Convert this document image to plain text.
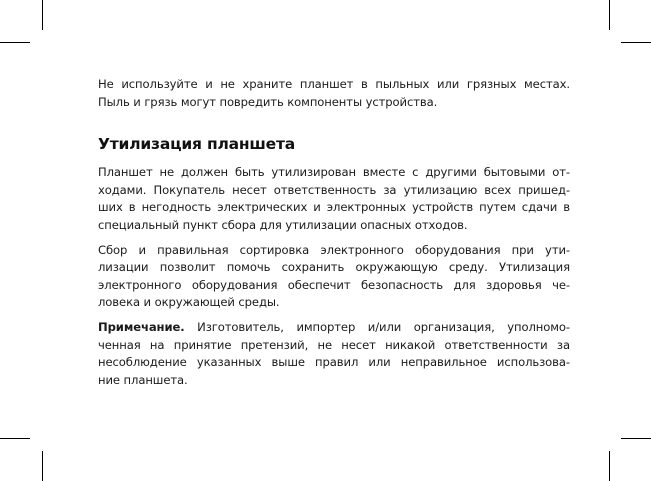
Не используйте и не храните планшет в пыльных или грязных местах.
Пыль и грязь могут повредить компоненты устройства.

Утилизация планшета

Планшет не должен быть утилизирован вместе с другими бытовыми от-
ходами. Покупатель несет ответственность за утилизацию всех пришед-
ших в негодность электрических и электронных устройств путем сдачи в
специальный пункт сбора для утилизации опасных отходов.

Сбор и правильная сортировка электронного оборудования при ути-
лизации позволит помочь сохранить окружающую среду. Утилизация
электронного оборудования обеспечит безопасность для здоровья че-
ловека и окружающей среды.

Примечание. Изготовитель, импортер и/или организация, уполномо-
ченная на принятие претензий, не несет никакой ответственности за
несоблюдение указанных выше правил или неправильное использова-
ние планшета.
